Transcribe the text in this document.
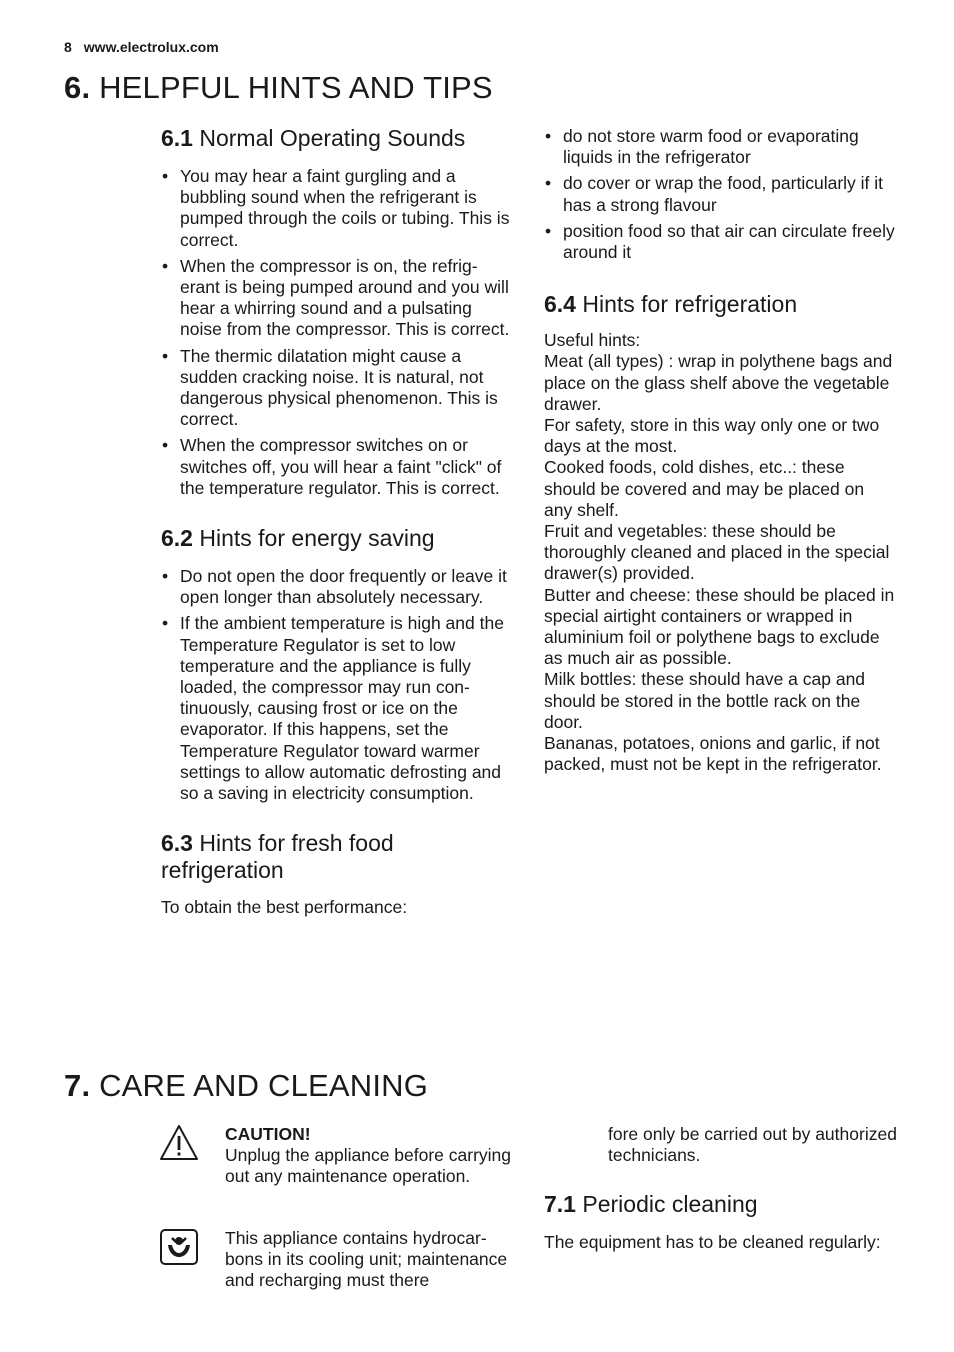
8 www.electrolux.com
6. HELPFUL HINTS AND TIPS
6.1 Normal Operating Sounds
• You may hear a faint gurgling and a bubbling sound when the refrigerant is pumped through the coils or tubing. This is correct.
• When the compressor is on, the refrigerant is being pumped around and you will hear a whirring sound and a pulsating noise from the compressor. This is correct.
• The thermic dilatation might cause a sudden cracking noise. It is natural, not dangerous physical phenomenon. This is correct.
• When the compressor switches on or switches off, you will hear a faint "click" of the temperature regulator. This is correct.
6.2 Hints for energy saving
• Do not open the door frequently or leave it open longer than absolutely necessary.
• If the ambient temperature is high and the Temperature Regulator is set to low temperature and the appliance is fully loaded, the compressor may run continuously, causing frost or ice on the evaporator. If this happens, set the Temperature Regulator toward warmer settings to allow automatic defrosting and so a saving in electricity consumption.
6.3 Hints for fresh food
refrigeration

To obtain the best performance:

• do not store warm food or evaporating liquids in the refrigerator
• do cover or wrap the food, particularly if it has a strong flavour
• position food so that air can circulate freely around it
6.4 Hints for refrigeration
Useful hints:
Meat (all types) : wrap in polythene bags and place on the glass shelf above the vegetable drawer.
For safety, store in this way only one or two days at the most.
Cooked foods, cold dishes, etc..: these should be covered and may be placed on any shelf.
Fruit and vegetables: these should be thoroughly cleaned and placed in the special drawer(s) provided.
Butter and cheese: these should be placed in special airtight containers or wrapped in aluminium foil or polythene bags to exclude as much air as possible.
Milk bottles: these should have a cap and should be stored in the bottle rack on the door.
Bananas, potatoes, onions and garlic, if not packed, must not be kept in the refrigerator.
7. CARE AND CLEANING

CAUTION!

Unplug the appliance before carrying out any maintenance operation.

This appliance contains hydrocarbons in its cooling unit; maintenance and recharging must there

fore only be carried out by authorized technicians.

7.1 Periodic cleaning

The equipment has to be cleaned regularly:
